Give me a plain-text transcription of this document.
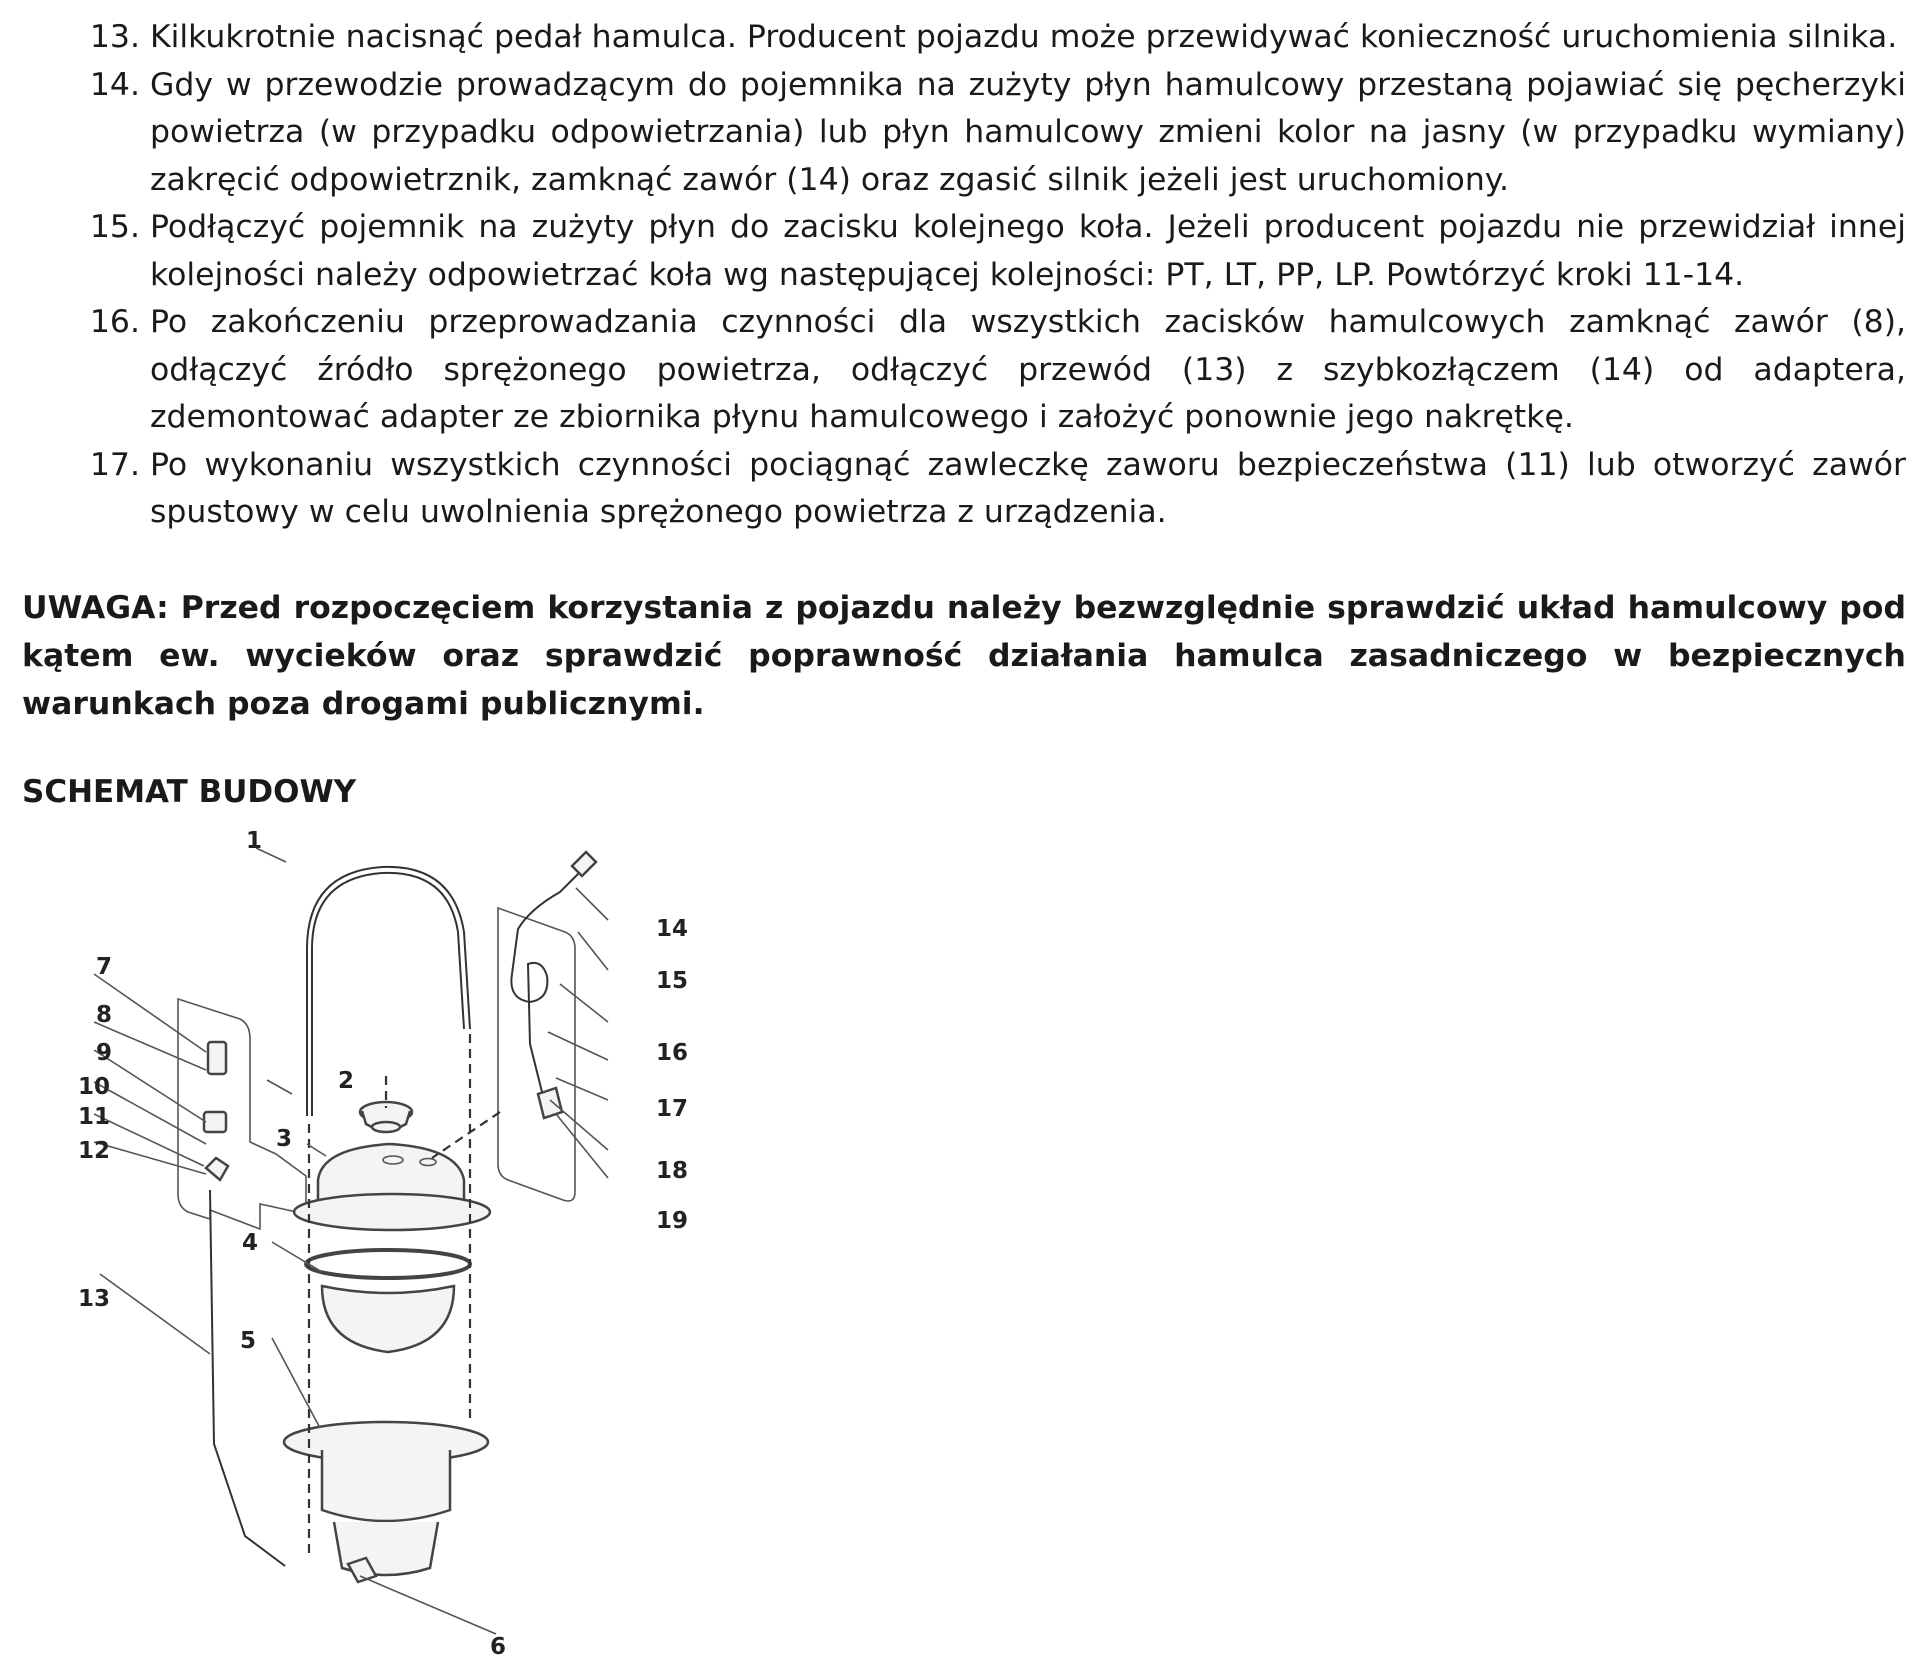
13. Kilkukrotnie nacisnąć pedał hamulca. Producent pojazdu może przewidywać konieczność uruchomienia silnika.
14. Gdy w przewodzie prowadzącym do pojemnika na zużyty płyn hamulcowy przestaną pojawiać się pęcherzyki powietrza (w przypadku odpowietrzania) lub płyn hamulcowy zmieni kolor na jasny (w przypadku wymiany) zakręcić odpowietrznik, zamknąć zawór (14) oraz zgasić silnik jeżeli jest uruchomiony.
15. Podłączyć pojemnik na zużyty płyn do zacisku kolejnego koła. Jeżeli producent pojazdu nie przewidział innej kolejności należy odpowietrzać koła wg następującej kolejności: PT, LT, PP, LP. Powtórzyć kroki 11-14.
16. Po zakończeniu przeprowadzania czynności dla wszystkich zacisków hamulcowych zamknąć zawór (8), odłączyć źródło sprężonego powietrza, odłączyć przewód (13) z szybkozłączem (14) od adaptera, zdemontować adapter ze zbiornika płynu hamulcowego i założyć ponownie jego nakrętkę.
17. Po wykonaniu wszystkich czynności pociągnąć zawleczkę zaworu bezpieczeństwa (11) lub otworzyć zawór spustowy w celu uwolnienia sprężonego powietrza z urządzenia.
UWAGA: Przed rozpoczęciem korzystania z pojazdu należy bezwzględnie sprawdzić układ hamulcowy pod kątem ew. wycieków oraz sprawdzić poprawność działania hamulca zasadniczego w bezpiecznych warunkach poza drogami publicznymi.
SCHEMAT BUDOWY
1
2
3
4
5
6
7
8
9
10
11
12
13
14
15
16
17
18
19
